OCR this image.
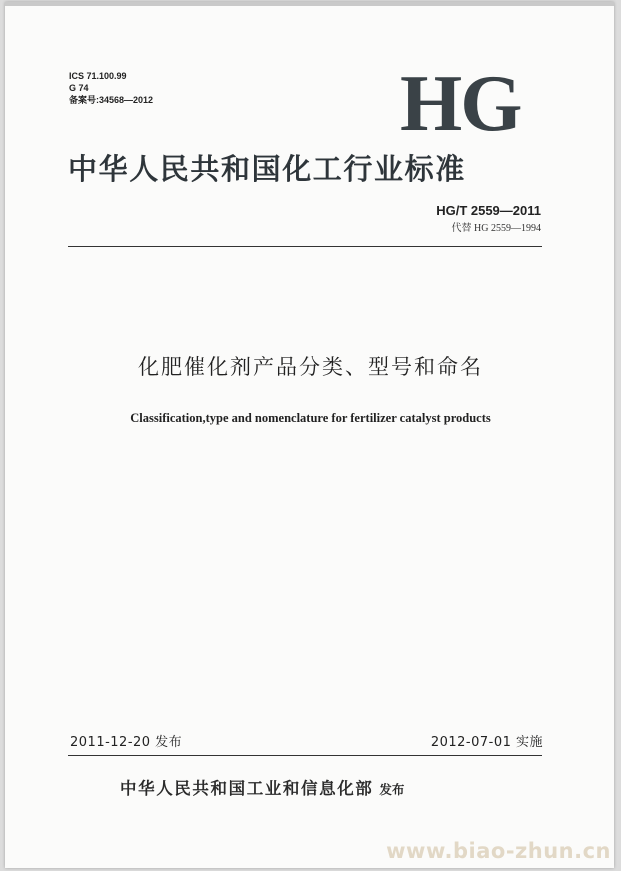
ICS 71.100.99
G 74
备案号:34568—2012	HG
中华人民共和国化工行业标准
HG/T 2559—2011
代替 HG 2559—1994
化肥催化剂产品分类、型号和命名
Classification,type and nomenclature for fertilizer catalyst products
2011-12-20 发布	2012-07-01 实施
中华人民共和国工业和信息化部 发布
www.biao-zhun.cn
